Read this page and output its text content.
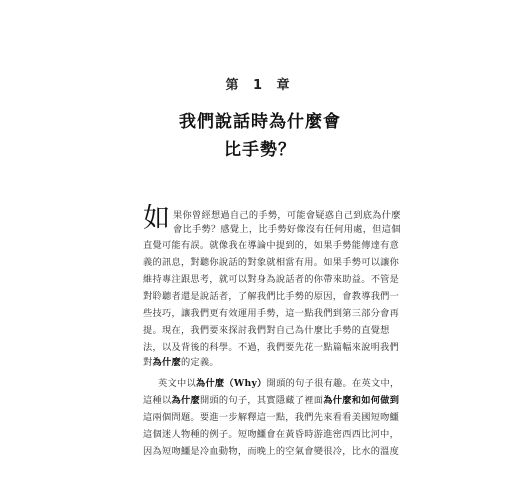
第 1 章
我們說話時為什麼會
比手勢？
如 果你曾經想過自己的手勢，可能會疑惑自己到底為什麼
會比手勢？感覺上，比手勢好像沒有任何用處，但這個
直覺可能有誤。就像我在導論中提到的，如果手勢能傳達有意
義的訊息，對聽你說話的對象就相當有用。如果手勢可以讓你
維持專注跟思考，就可以對身為說話者的你帶來助益。不管是
對聆聽者還是說話者，了解我們比手勢的原因，會教導我們一
些技巧，讓我們更有效運用手勢，這一點我們到第三部分會再
提。現在，我們要來探討我們對自己為什麼比手勢的直覺想
法，以及背後的科學。不過，我們要先花一點篇幅來說明我們
對為什麼的定義。
英文中以為什麼（Why）開頭的句子很有趣。在英文中，
這種以為什麼開頭的句子，其實隱藏了裡面為什麼和如何做到
這兩個問題。要進一步解釋這一點，我們先來看看美國短吻鱷
這個迷人物種的例子。短吻鱷會在黃昏時游進密西西比河中，
因為短吻鱷是冷血動物，而晚上的空氣會變很冷，比水的溫度
